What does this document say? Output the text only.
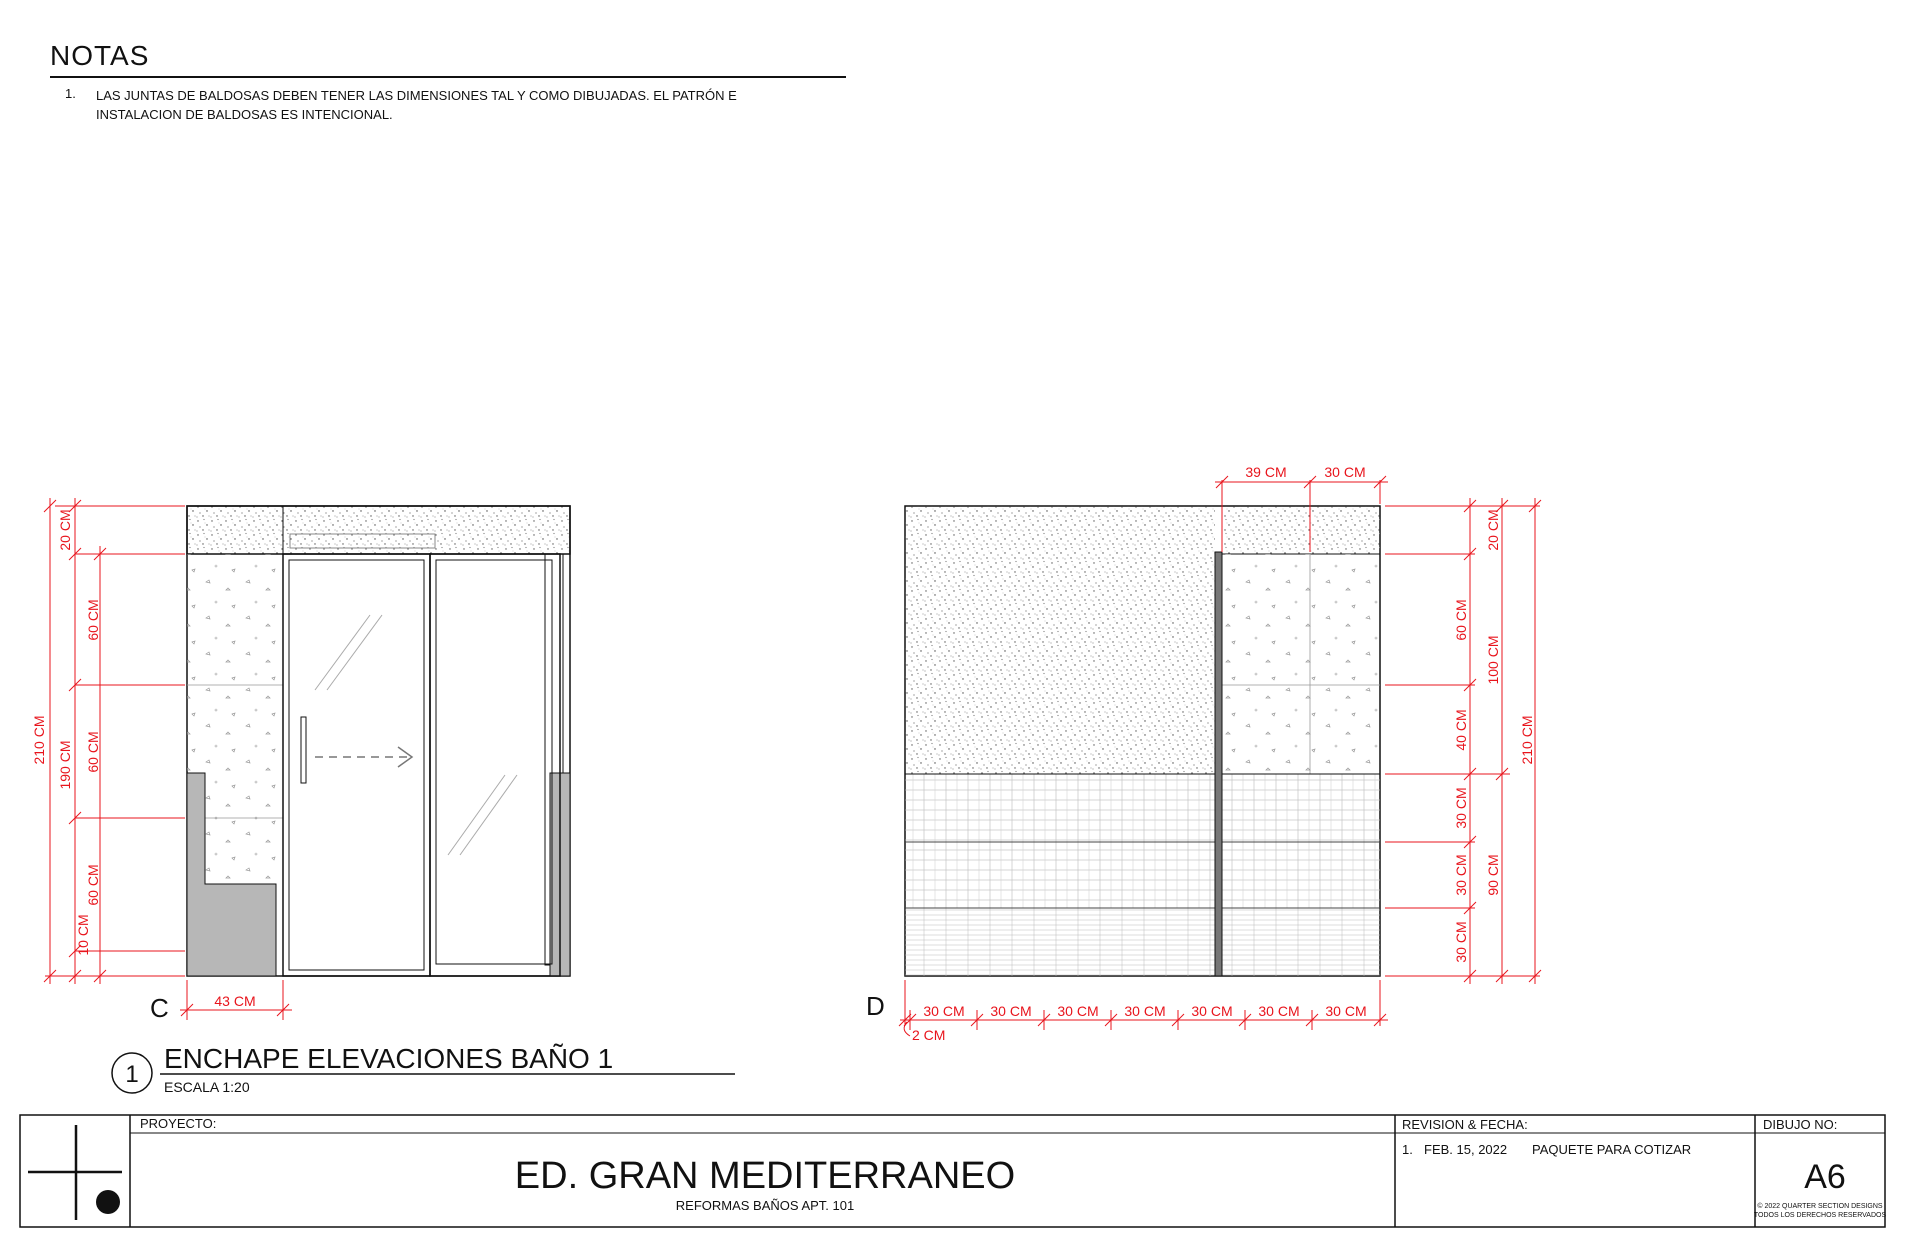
NOTAS
1. LAS JUNTAS DE BALDOSAS DEBEN TENER LAS DIMENSIONES TAL Y COMO DIBUJADAS. EL PATRÓN E INSTALACION DE BALDOSAS ES INTENCIONAL.
20 CM
60 CM
60 CM
60 CM
10 CM
190 CM
210 CM
43 CM
C
39 CM	30 CM
20 CM
60 CM
40 CM
30 CM
30 CM
30 CM
100 CM
90 CM
210 CM
30 CM 30 CM 30 CM 30 CM 30 CM 30 CM 30 CM
2 CM
D
1
ENCHAPE ELEVACIONES BAÑO 1
ESCALA 1:20
PROYECTO:
ED. GRAN MEDITERRANEO
REFORMAS BAÑOS APT. 101
REVISION & FECHA:
1. FEB. 15, 2022 PAQUETE PARA COTIZAR
DIBUJO NO:
A6
© 2022 QUARTER SECTION DESIGNS
TODOS LOS DERECHOS RESERVADOS
